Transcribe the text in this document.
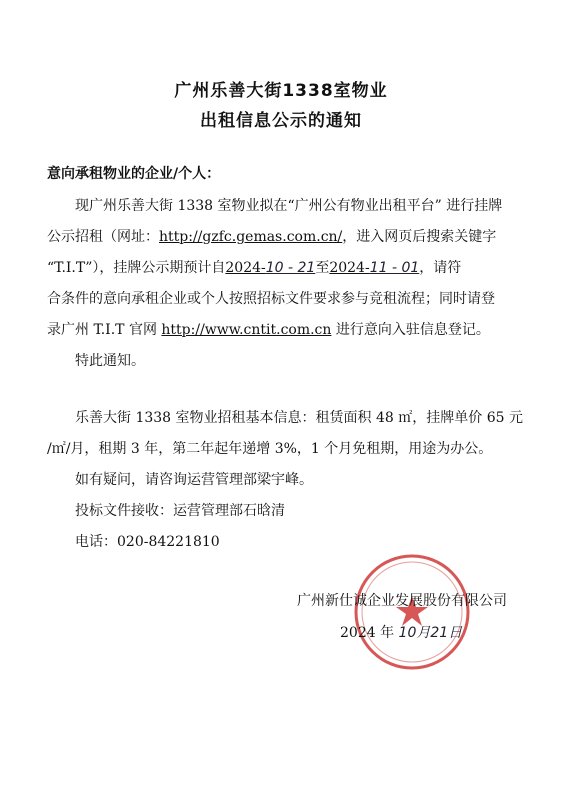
广州乐善大街1338室物业
出租信息公示的通知
意向承租物业的企业/个人：
现广州乐善大街 1338 室物业拟在“广州公有物业出租平台” 进行挂牌
公示招租（网址：http://gzfc.gemas.com.cn/，进入网页后搜索关键字
“T.I.T”），挂牌公示期预计自2024-10 - 21至2024-11 - 01，请符
合条件的意向承租企业或个人按照招标文件要求参与竞租流程；同时请登
录广州 T.I.T 官网 http://www.cntit.com.cn 进行意向入驻信息登记。
特此通知。
乐善大街 1338 室物业招租基本信息：租赁面积 48 ㎡，挂牌单价 65 元
/㎡/月，租期 3 年，第二年起年递增 3%，1 个月免租期，用途为办公。
如有疑问，请咨询运营管理部梁宇峰。
投标文件接收：运营管理部石晗清
电话：020-84221810
广州新仕诚企业发展股份有限公司
2024 年 10月21日
